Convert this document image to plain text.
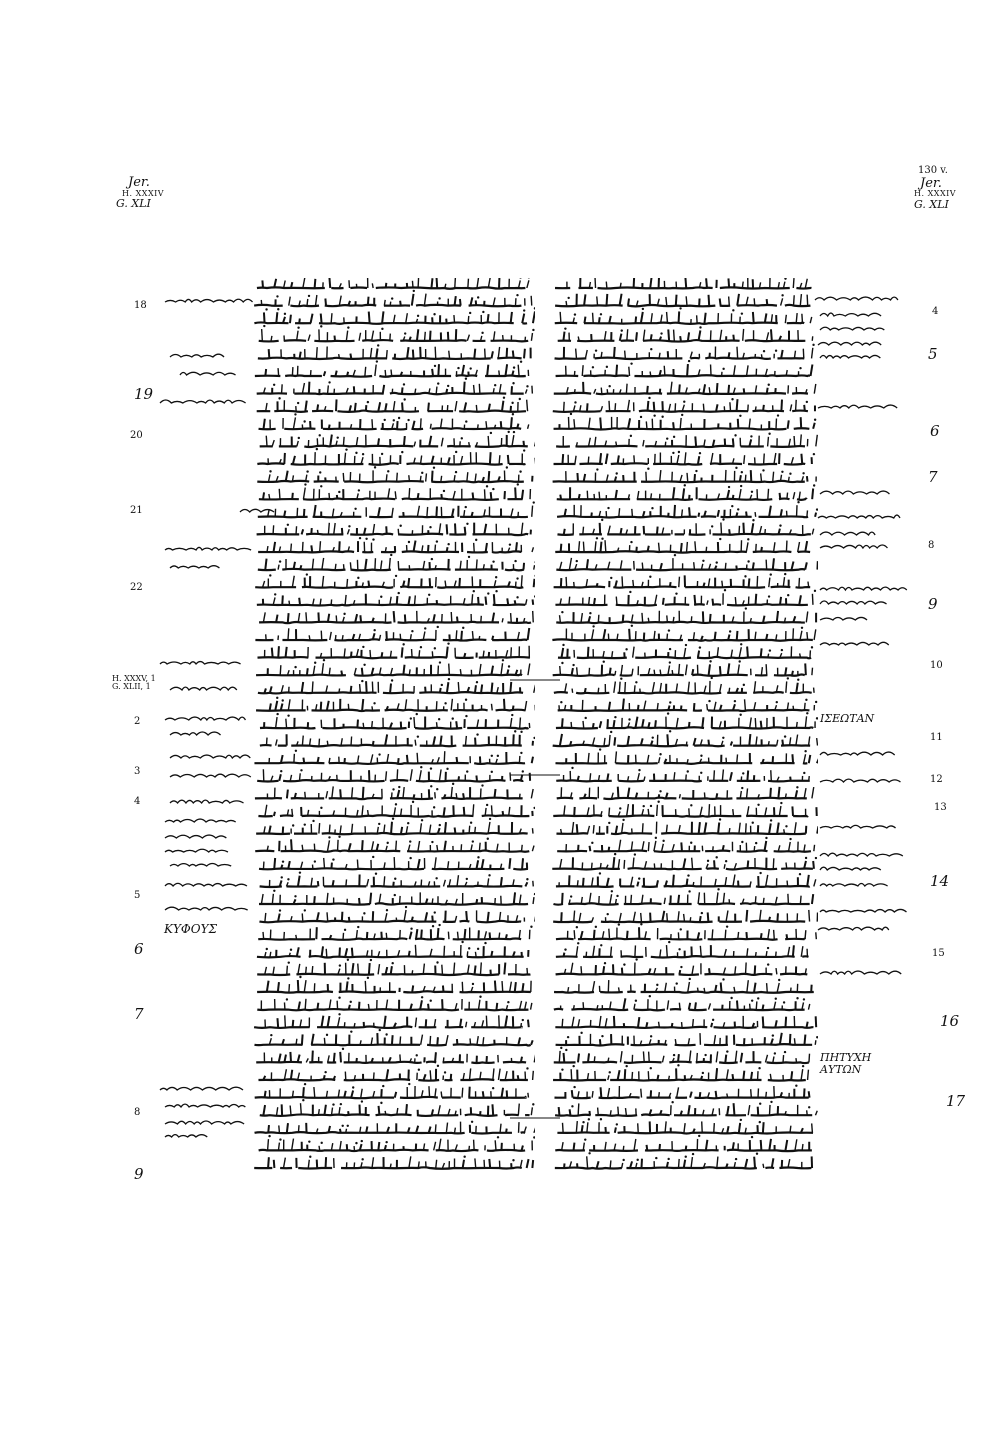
Jer.
H. XXXIV
G. XLI
130 v.
Jer.
H. XXXIV
G. XLI
18
19
20
21
22
2
3
4
5
6
7
8
9
H. XXXV, 1
G. XLII, 1
4
5
6
7
8
9
10
11
12
13
14
15
16
17
ΚΥΦΟΥΣ
ΙΣΕΩΤΑΝ
ΠΗΤΥΧΗ ΑΥΤΩΝ
